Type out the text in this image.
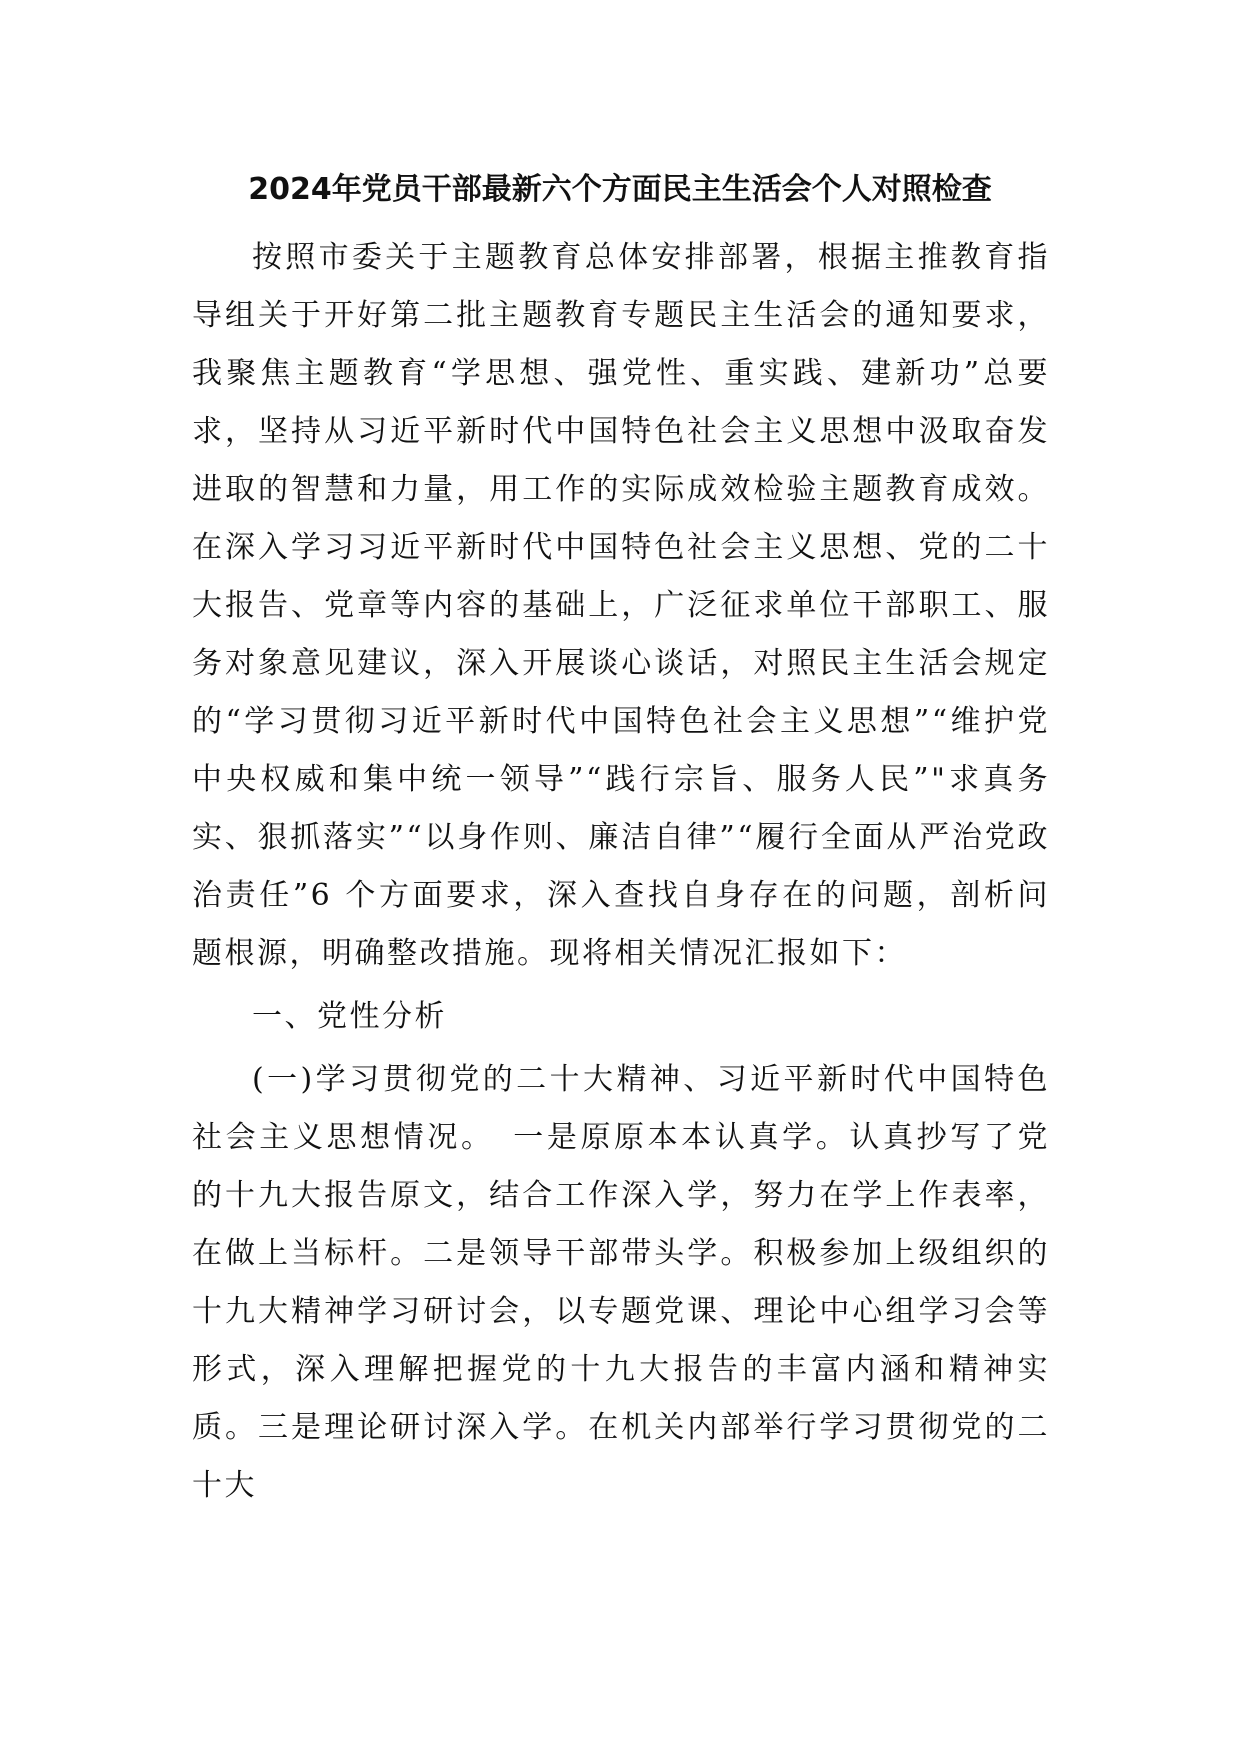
2024年党员干部最新六个方面民主生活会个人对照检查

按照市委关于主题教育总体安排部署，根据主推教育指导组关于开好第二批主题教育专题民主生活会的通知要求，我聚焦主题教育“学思想、强党性、重实践、建新功”总要求，坚持从习近平新时代中国特色社会主义思想中汲取奋发进取的智慧和力量，用工作的实际成效检验主题教育成效。在深入学习习近平新时代中国特色社会主义思想、党的二十大报告、党章等内容的基础上，广泛征求单位干部职工、服务对象意见建议，深入开展谈心谈话，对照民主生活会规定的“学习贯彻习近平新时代中国特色社会主义思想”“维护党中央权威和集中统一领导”“践行宗旨、服务人民”"求真务实、狠抓落实”“以身作则、廉洁自律”“履行全面从严治党政治责任”6 个方面要求，深入查找自身存在的问题，剖析问题根源，明确整改措施。现将相关情况汇报如下：

一、党性分析

(一)学习贯彻党的二十大精神、习近平新时代中国特色社会主义思想情况。　一是原原本本认真学。认真抄写了党的十九大报告原文，结合工作深入学，努力在学上作表率，在做上当标杆。二是领导干部带头学。积极参加上级组织的十九大精神学习研讨会，以专题党课、理论中心组学习会等形式，深入理解把握党的十九大报告的丰富内涵和精神实质。三是理论研讨深入学。在机关内部举行学习贯彻党的二十大
